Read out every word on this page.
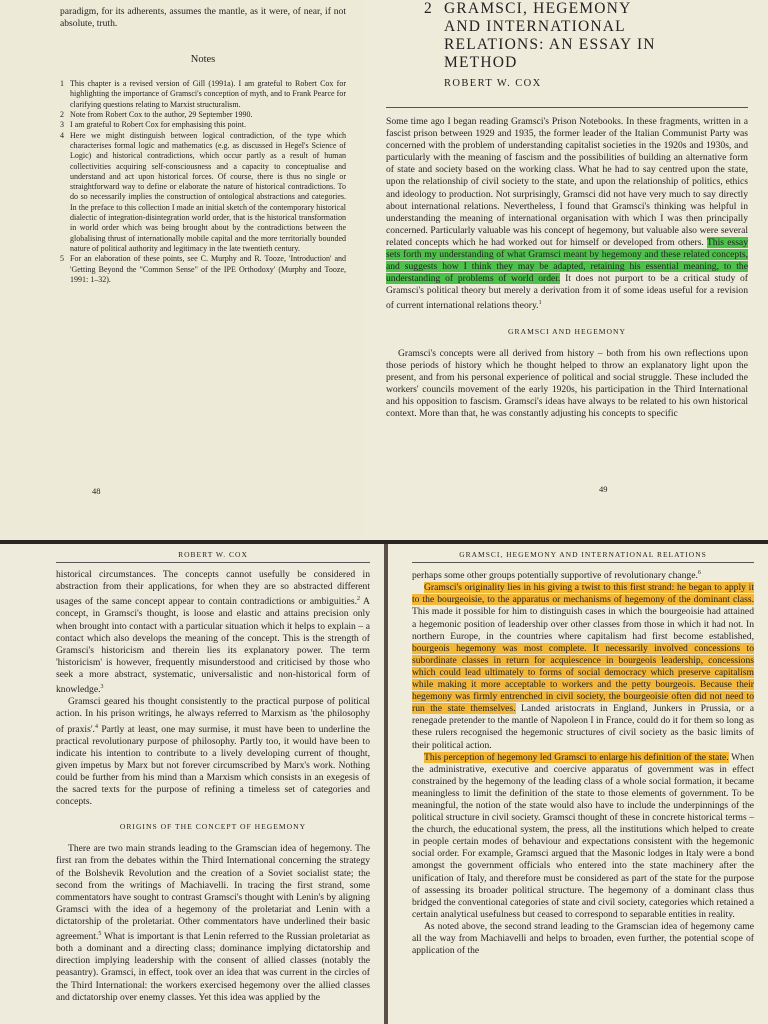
paradigm, for its adherents, assumes the mantle, as it were, of near, if not absolute, truth.

Notes
1 This chapter is a revised version of Gill (1991a). I am grateful to Robert Cox for highlighting the importance of Gramsci's conception of myth, and to Frank Pearce for clarifying questions relating to Marxist structuralism.
2 Note from Robert Cox to the author, 29 September 1990.
3 I am grateful to Robert Cox for emphasising this point.
4 Here we might distinguish between logical contradiction, of the type which characterises formal logic and mathematics (e.g. as discussed in Hegel's Science of Logic) and historical contradictions, which occur partly as a result of human collectivities acquiring self-consciousness and a capacity to conceptualise and understand and act upon historical forces. Of course, there is thus no single or straightforward way to define or elaborate the nature of historical contradictions. To do so necessarily implies the construction of ontological abstractions and categories. In the preface to this collection I made an initial sketch of the contemporary historical dialectic of integration-disintegration world order, that is the historical transformation in world order which was being brought about by the contradictions between the globalising thrust of internationally mobile capital and the more territorially bounded nature of political authority and legitimacy in the late twentieth century.
5 For an elaboration of these points, see C. Murphy and R. Tooze, 'Introduction' and 'Getting Beyond the "Common Sense" of the IPE Orthodoxy' (Murphy and Tooze, 1991: 1–32).
48
2 GRAMSCI, HEGEMONY
AND INTERNATIONAL
RELATIONS: AN ESSAY IN
METHOD
ROBERT W. COX

Some time ago I began reading Gramsci's Prison Notebooks. In these fragments, written in a fascist prison between 1929 and 1935, the former leader of the Italian Communist Party was concerned with the problem of understanding capitalist societies in the 1920s and 1930s, and particularly with the meaning of fascism and the possibilities of building an alternative form of state and society based on the working class. What he had to say centred upon the state, upon the relationship of civil society to the state, and upon the relationship of politics, ethics and ideology to production. Not surprisingly, Gramsci did not have very much to say directly about international relations. Nevertheless, I found that Gramsci's thinking was helpful in understanding the meaning of international organisation with which I was then principally concerned. Particularly valuable was his concept of hegemony, but valuable also were several related concepts which he had worked out for himself or developed from others. This essay sets forth my understanding of what Gramsci meant by hegemony and these related concepts, and suggests how I think they may be adapted, retaining his essential meaning, to the understanding of problems of world order. It does not purport to be a critical study of Gramsci's political theory but merely a derivation from it of some ideas useful for a revision of current international relations theory.$^1$

GRAMSCI AND HEGEMONY

Gramsci's concepts were all derived from history – both from his own reflections upon those periods of history which he thought helped to throw an explanatory light upon the present, and from his personal experience of political and social struggle. These included the workers' councils movement of the early 1920s, his participation in the Third International and his opposition to fascism. Gramsci's ideas have always to be related to his own historical context. More than that, he was constantly adjusting his concepts to specific

49
ROBERT W. COX

historical circumstances. The concepts cannot usefully be considered in abstraction from their applications, for when they are so abstracted different usages of the same concept appear to contain contradictions or ambiguities.$^2$ A concept, in Gramsci's thought, is loose and elastic and attains precision only when brought into contact with a particular situation which it helps to explain – a contact which also develops the meaning of the concept. This is the strength of Gramsci's historicism and therein lies its explanatory power. The term 'historicism' is however, frequently misunderstood and criticised by those who seek a more abstract, systematic, universalistic and non-historical form of knowledge.$^3$

Gramsci geared his thought consistently to the practical purpose of political action. In his prison writings, he always referred to Marxism as 'the philosophy of praxis'.$^4$ Partly at least, one may surmise, it must have been to underline the practical revolutionary purpose of philosophy. Partly too, it would have been to indicate his intention to contribute to a lively developing current of thought, given impetus by Marx but not forever circumscribed by Marx's work. Nothing could be further from his mind than a Marxism which consists in an exegesis of the sacred texts for the purpose of refining a timeless set of categories and concepts.

ORIGINS OF THE CONCEPT OF HEGEMONY

There are two main strands leading to the Gramscian idea of hegemony. The first ran from the debates within the Third International concerning the strategy of the Bolshevik Revolution and the creation of a Soviet socialist state; the second from the writings of Machiavelli. In tracing the first strand, some commentators have sought to contrast Gramsci's thought with Lenin's by aligning Gramsci with the idea of a hegemony of the proletariat and Lenin with a dictatorship of the proletariat. Other commentators have underlined their basic agreement.$^5$ What is important is that Lenin referred to the Russian proletariat as both a dominant and a directing class; dominance implying dictatorship and direction implying leadership with the consent of allied classes (notably the peasantry). Gramsci, in effect, took over an idea that was current in the circles of the Third International: the workers exercised hegemony over the allied classes and dictatorship over enemy classes. Yet this idea was applied by the

GRAMSCI, HEGEMONY AND INTERNATIONAL RELATIONS

perhaps some other groups potentially supportive of revolutionary change.$^6$

Gramsci's originality lies in his giving a twist to this first strand: he began to apply it to the bourgeoisie, to the apparatus or mechanisms of hegemony of the dominant class. This made it possible for him to distinguish cases in which the bourgeoisie had attained a hegemonic position of leadership over other classes from those in which it had not. In northern Europe, in the countries where capitalism had first become established, bourgeois hegemony was most complete. It necessarily involved concessions to subordinate classes in return for acquiescence in bourgeois leadership, concessions which could lead ultimately to forms of social democracy which preserve capitalism while making it more acceptable to workers and the petty bourgeois. Because their hegemony was firmly entrenched in civil society, the bourgeoisie often did not need to run the state themselves. Landed aristocrats in England, Junkers in Prussia, or a renegade pretender to the mantle of Napoleon I in France, could do it for them so long as these rulers recognised the hegemonic structures of civil society as the basic limits of their political action.

This perception of hegemony led Gramsci to enlarge his definition of the state. When the administrative, executive and coercive apparatus of government was in effect constrained by the hegemony of the leading class of a whole social formation, it became meaningless to limit the definition of the state to those elements of government. To be meaningful, the notion of the state would also have to include the underpinnings of the political structure in civil society. Gramsci thought of these in concrete historical terms – the church, the educational system, the press, all the institutions which helped to create in people certain modes of behaviour and expectations consistent with the hegemonic social order. For example, Gramsci argued that the Masonic lodges in Italy were a bond amongst the government officials who entered into the state machinery after the unification of Italy, and therefore must be considered as part of the state for the purpose of assessing its broader political structure. The hegemony of a dominant class thus bridged the conventional categories of state and civil society, categories which retained a certain analytical usefulness but ceased to correspond to separable entities in reality.

As noted above, the second strand leading to the Gramscian idea of hegemony came all the way from Machiavelli and helps to broaden, even further, the potential scope of application of the
